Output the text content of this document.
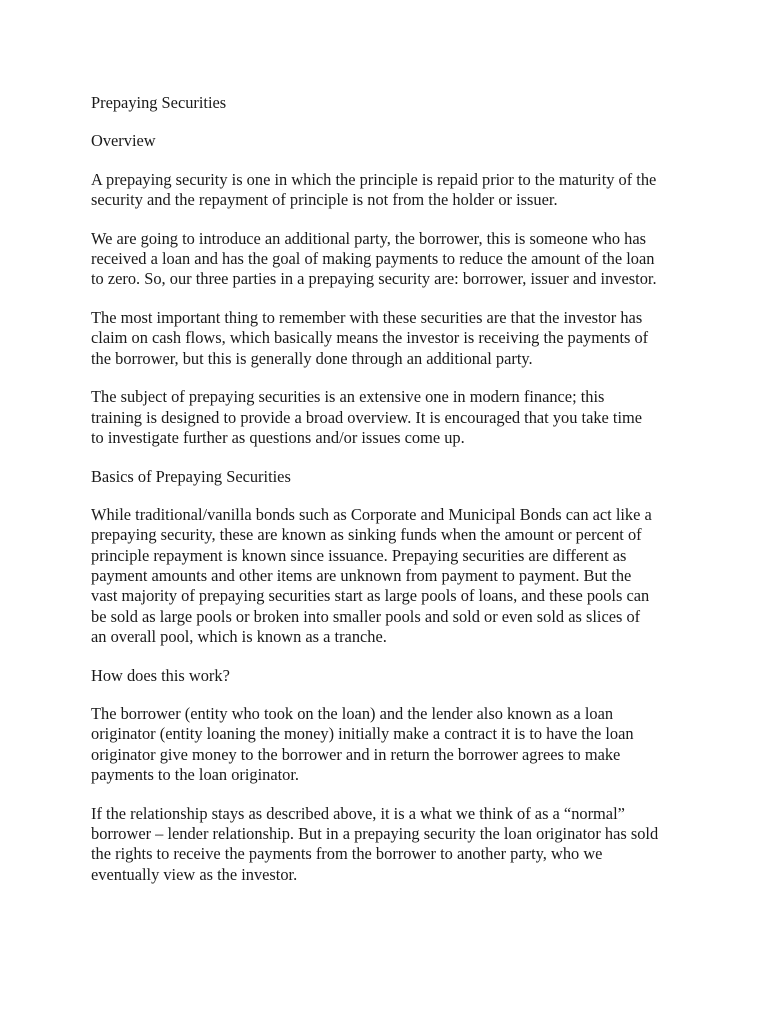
Prepaying Securities
Overview
A prepaying security is one in which the principle is repaid prior to the maturity of the
security and the repayment of principle is not from the holder or issuer.
We are going to introduce an additional party, the borrower, this is someone who has
received a loan and has the goal of making payments to reduce the amount of the loan
to zero. So, our three parties in a prepaying security are: borrower, issuer and investor.
The most important thing to remember with these securities are that the investor has
claim on cash flows, which basically means the investor is receiving the payments of
the borrower, but this is generally done through an additional party.
The subject of prepaying securities is an extensive one in modern finance; this
training is designed to provide a broad overview. It is encouraged that you take time
to investigate further as questions and/or issues come up.
Basics of Prepaying Securities
While traditional/vanilla bonds such as Corporate and Municipal Bonds can act like a
prepaying security, these are known as sinking funds when the amount or percent of
principle repayment is known since issuance. Prepaying securities are different as
payment amounts and other items are unknown from payment to payment. But the
vast majority of prepaying securities start as large pools of loans, and these pools can
be sold as large pools or broken into smaller pools and sold or even sold as slices of
an overall pool, which is known as a tranche.
How does this work?
The borrower (entity who took on the loan) and the lender also known as a loan
originator (entity loaning the money) initially make a contract it is to have the loan
originator give money to the borrower and in return the borrower agrees to make
payments to the loan originator.
If the relationship stays as described above, it is a what we think of as a “normal”
borrower – lender relationship. But in a prepaying security the loan originator has sold
the rights to receive the payments from the borrower to another party, who we
eventually view as the investor.
